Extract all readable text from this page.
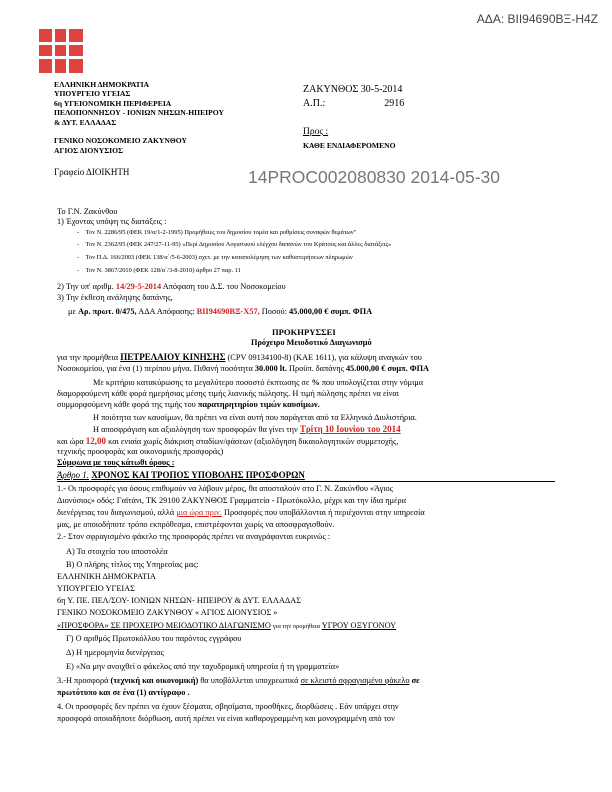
ΑΔΑ: ΒΙΙ94690ΒΞ-Η4Ζ
ΕΛΛΗΝΙΚΗ ΔΗΜΟΚΡΑΤΙΑ
ΥΠΟΥΡΓΕΙΟ ΥΓΕΙΑΣ
6η ΥΓΕΙΟΝΟΜΙΚΗ ΠΕΡΙΦΕΡΕΙΑ
ΠΕΛΟΠΟΝΝΗΣΟΥ - ΙΟΝΙΩΝ ΝΗΣΩΝ-ΗΠΕΙΡΟΥ
& ΔΥΤ. ΕΛΛΑΔΑΣ
ΓΕΝΙΚΟ ΝΟΣΟΚΟΜΕΙΟ ΖΑΚΥΝΘΟΥ
ΑΓΙΟΣ ΔΙΟΝΥΣΙΟΣ
Γραφείο ΔΙΟΙΚΗΤΗ
ΖΑΚΥΝΘΟΣ 30-5-2014
Α.Π.:	2916
Προς :
ΚΑΘΕ ΕΝΔΙΑΦΕΡΟΜΕΝΟ
14PROC002080830 2014-05-30
Το Γ.Ν. Ζακύνθου
1) Έχοντας υπόψη τις διατάξεις :
-    Τον Ν. 2286/95 (ΦΕΚ 19/α/1-2-1995) Προμήθειες του δημοσίου τομέα και ρυθμίσεις συναφών θεμάτων"
-    Τον Ν. 2362/95 (ΦΕΚ 247/27-11-95) «Περί Δημοσίου Λογιστικού ελέγχου δαπανών του Κράτους και άλλες διατάξεις»
-    Τον Π.Δ. 166/2003 (ΦΕΚ 138/α΄/5-6-2003) σχετ. με την καταπολέμηση των καθυστερήσεων πληρωμών
-    Τον Ν. 3867/2010 (ΦΕΚ 128/α΄/3-8-2010) άρθρο 27 παρ. 11
2) Την υπ' αριθμ. 14/29-5-2014 Απόφαση του Δ.Σ. του Νοσοκομείου
3) Την έκθεση ανάληψης δαπάνης,
με Αρ. πρωτ. 0/475, ΑΔΑ Απόφασης: ΒΙΙ94690ΒΞ-Χ57, Ποσού: 45.000,00 € συμπ. ΦΠΑ
ΠΡΟΚΗΡΥΣΣΕΙ
Πρόχειρο Μειοδοτικό Διαγωνισμό
για την προμήθεια ΠΕΤΡΕΛΑΙΟΥ ΚΙΝΗΣΗΣ (CPV 09134100-8) (ΚΑΕ 1611), για κάλυψη αναγκών του
Νοσοκομείου, για ένα (1) περίπου μήνα. Πιθανή ποσότητα 30.000 lt. Προϋπ. δαπάνης 45.000,00 € συμπ. ΦΠΑ
Με κριτήριο κατακύρωσης το μεγαλύτερο ποσοστό έκπτωσης σε % που υπολογίζεται στην νόμιμα
διαμορφούμενη κάθε φορά ημερήσιας μέσης τιμής λιανικής πώλησης. Η τιμή πώλησης πρέπει να είναι
συμμορφούμενη κάθε φορά της τιμής του παρατηρητηρίου τιμών καυσίμων.
Η ποιότητα των καυσίμων, θα πρέπει να είναι αυτή που παράγεται από τα Ελληνικά Διυλιστήρια.
Η αποσφράγιση και αξιολόγηση των προσφορών θα γίνει την Τρίτη 10 Ιουνίου του 2014
και ώρα 12,00 και ενιαία χωρίς διάκριση σταδίων/φάσεων (αξιολόγηση δικαιολογητικών συμμετοχής,
τεχνικής προσφοράς και οικονομικής προσφοράς)
Σύμφωνα με τους κάτωθι όρους :
Άρθρο 1. ΧΡΟΝΟΣ ΚΑΙ ΤΡΟΠΟΣ ΥΠΟΒΟΛΗΣ ΠΡΟΣΦΟΡΩΝ
1.- Οι προσφορές για όσους επιθυμούν να λάβουν μέρος, θα αποσταλούν στο Γ. Ν. Ζακύνθου «Άγιος
Διονύσιος» οδός: Γαϊτάνι, ΤΚ 29100 ΖΑΚΥΝΘΟΣ Γραμματεία - Πρωτόκολλο, μέχρι και την ίδια ημέρα
διενέργειας του διαγωνισμού, αλλά μια ώρα πριν. Προσφορές που υποβάλλονται ή περιέχονται στην υπηρεσία
μας, με οποιοδήποτε τρόπο εκπρόθεσμα, επιστρέφονται χωρίς να αποσφραγισθούν.
2.- Στον σφραγισμένο φάκελο της προσφοράς πρέπει να αναγράφονται ευκρινώς :
Α) Τα στοιχεία του αποστολέα
Β) Ο πλήρης τίτλος της Υπηρεσίας μας:
ΕΛΛΗΝΙΚΗ ΔΗΜΟΚΡΑΤΙΑ
ΥΠΟΥΡΓΕΙΟ ΥΓΕΙΑΣ
6η Υ. ΠΕ. ΠΕΛ/ΣΟΥ- ΙΟΝΙΩΝ ΝΗΣΩΝ- ΗΠΕΙΡΟΥ & ΔΥΤ. ΕΛΛΑΔΑΣ
ΓΕΝΙΚΟ ΝΟΣΟΚΟΜΕΙΟ ΖΑΚΥΝΘΟΥ « ΑΓΙΟΣ ΔΙΟΝΥΣΙΟΣ »
«ΠΡΟΣΦΟΡΑ» ΣΕ ΠΡΟΧΕΙΡΟ ΜΕΙΟΔΟΤΙΚΟ ΔΙΑΓΩΝΙΣΜΟ για την προμήθεια ΥΓΡΟΥ ΟΞΥΓΟΝΟΥ
Γ) Ο αριθμός Πρωτοκόλλου του παρόντος εγγράφου
Δ) Η ημερομηνία διενέργειας
Ε) «Να μην ανοιχθεί ο φάκελος από την ταχυδρομική υπηρεσία ή τη γραμματεία»
3.-Η προσφορά (τεχνική και οικονομική) θα υποβάλλεται υποχρεωτικά σε κλειστό σφραγισμένο φάκελο σε
πρωτότυπο και σε ένα (1) αντίγραφο .
4. Οι προσφορές δεν πρέπει να έχουν ξέσματα, σβησίματα, προσθήκες, διορθώσεις . Εάν υπάρχει στην
προσφορά οποιαδήποτε διόρθωση, αυτή πρέπει να είναι καθαρογραμμένη και μονογραμμένη από τον
